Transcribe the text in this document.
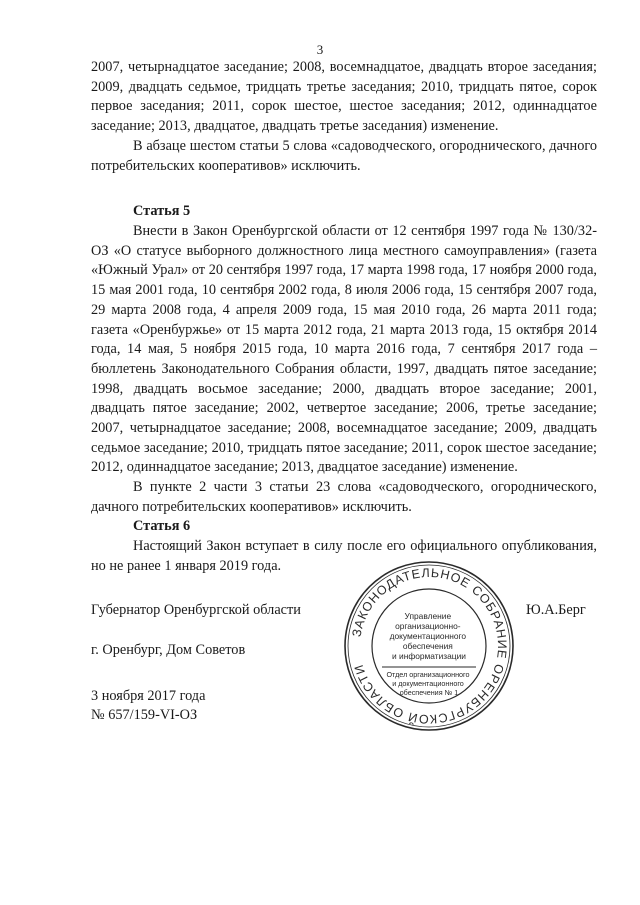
3

2007, четырнадцатое заседание; 2008, восемнадцатое, двадцать второе заседания; 2009, двадцать седьмое, тридцать третье заседания; 2010, тридцать пятое, сорок первое заседания; 2011, сорок шестое, шестое заседания; 2012, одиннадцатое заседание; 2013, двадцатое, двадцать третье заседания) изменение.

В абзаце шестом статьи 5 слова «садоводческого, огороднического, дачного потребительских кооперативов» исключить.

Статья 5

Внести в Закон Оренбургской области от 12 сентября 1997 года № 130/32-ОЗ «О статусе выборного должностного лица местного самоуправления» (газета «Южный Урал» от 20 сентября 1997 года, 17 марта 1998 года, 17 ноября 2000 года, 15 мая 2001 года, 10 сентября 2002 года, 8 июля 2006 года, 15 сентября 2007 года, 29 марта 2008 года, 4 апреля 2009 года, 15 мая 2010 года, 26 марта 2011 года; газета «Оренбуржье» от 15 марта 2012 года, 21 марта 2013 года, 15 октября 2014 года, 14 мая, 5 ноября 2015 года, 10 марта 2016 года, 7 сентября 2017 года – бюллетень Законодательного Собрания области, 1997, двадцать пятое заседание; 1998, двадцать восьмое заседание; 2000, двадцать второе заседание; 2001, двадцать пятое заседание; 2002, четвертое заседание; 2006, третье заседание; 2007, четырнадцатое заседание; 2008, восемнадцатое заседание; 2009, двадцать седьмое заседание; 2010, тридцать пятое заседание; 2011, сорок шестое заседание; 2012, одиннадцатое заседание; 2013, двадцатое заседание) изменение.

В пункте 2 части 3 статьи 23 слова «садоводческого, огороднического, дачного потребительских кооперативов» исключить.

Статья 6

Настоящий Закон вступает в силу после его официального опубликования, но не ранее 1 января 2019 года.

Губернатор Оренбургской области	Ю.А.Берг
г. Оренбург, Дом Советов
3 ноября 2017 года
№ 657/159-VI-ОЗ
ЗАКОНОДАТЕЛЬНОЕ СОБРАНИЕ ОРЕНБУРГСКОЙ ОБЛАСТИ
Управление организационно- документационного обеспечения и информатизации
Отдел организационного и документационного обеспечения № 1
